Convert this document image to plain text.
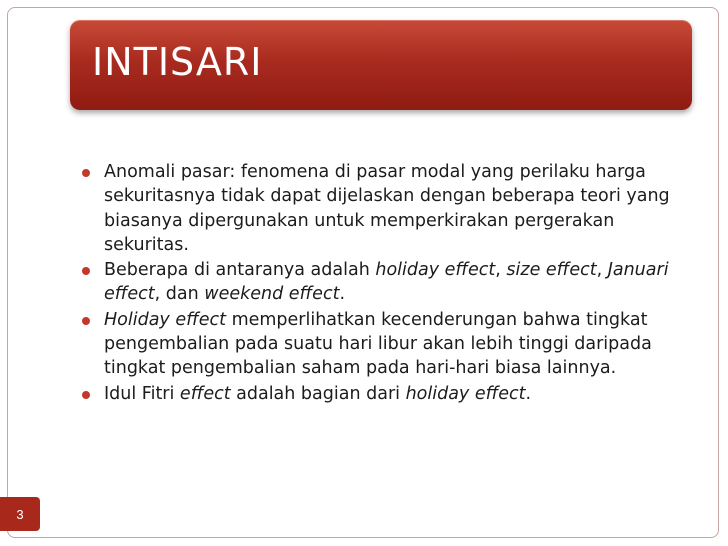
INTISARI
Anomali pasar: fenomena di pasar modal yang perilaku harga sekuritasnya tidak dapat dijelaskan dengan beberapa teori yang biasanya dipergunakan untuk memperkirakan pergerakan sekuritas.
Beberapa di antaranya adalah holiday effect, size effect, Januari effect, dan weekend effect.
Holiday effect memperlihatkan kecenderungan bahwa tingkat pengembalian pada suatu hari libur akan lebih tinggi daripada tingkat pengembalian saham pada hari-hari biasa lainnya.
Idul Fitri effect adalah bagian dari holiday effect.
3
